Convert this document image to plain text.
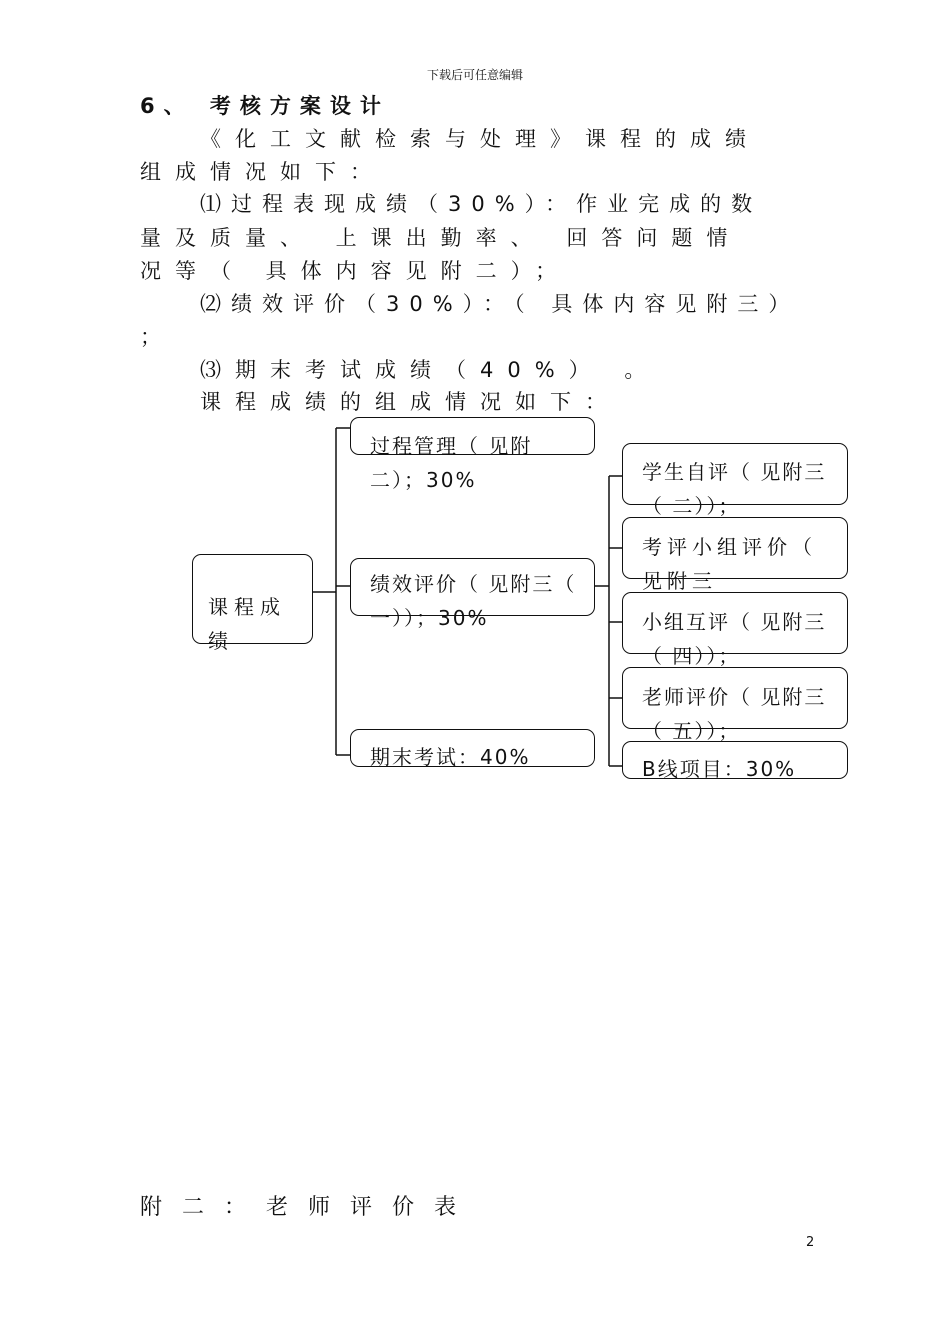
下载后可任意编辑
6、 考核方案设计
《化工文献检索与处理》课程的成绩
组成情况如下：
⑴过程表现成绩（30%）：作业完成的数
量及质量、 上课出勤率、 回答问题情
况等（ 具体内容见附二）；
⑵绩效评价（30%）：（ 具体内容见附三）
；
⑶期末考试成绩（40%） 。
课程成绩的组成情况如下：
课程成绩
过程管理（ 见附二）；30%
绩效评价（ 见附三（ 一））；30%
期末考试：40%
学生自评（ 见附三（ 二））；
考评小组评价（ 见附三
小组互评（ 见附三（ 四））；
老师评价（ 见附三（ 五））；
B线项目：30%
附二：老师评价表
2
